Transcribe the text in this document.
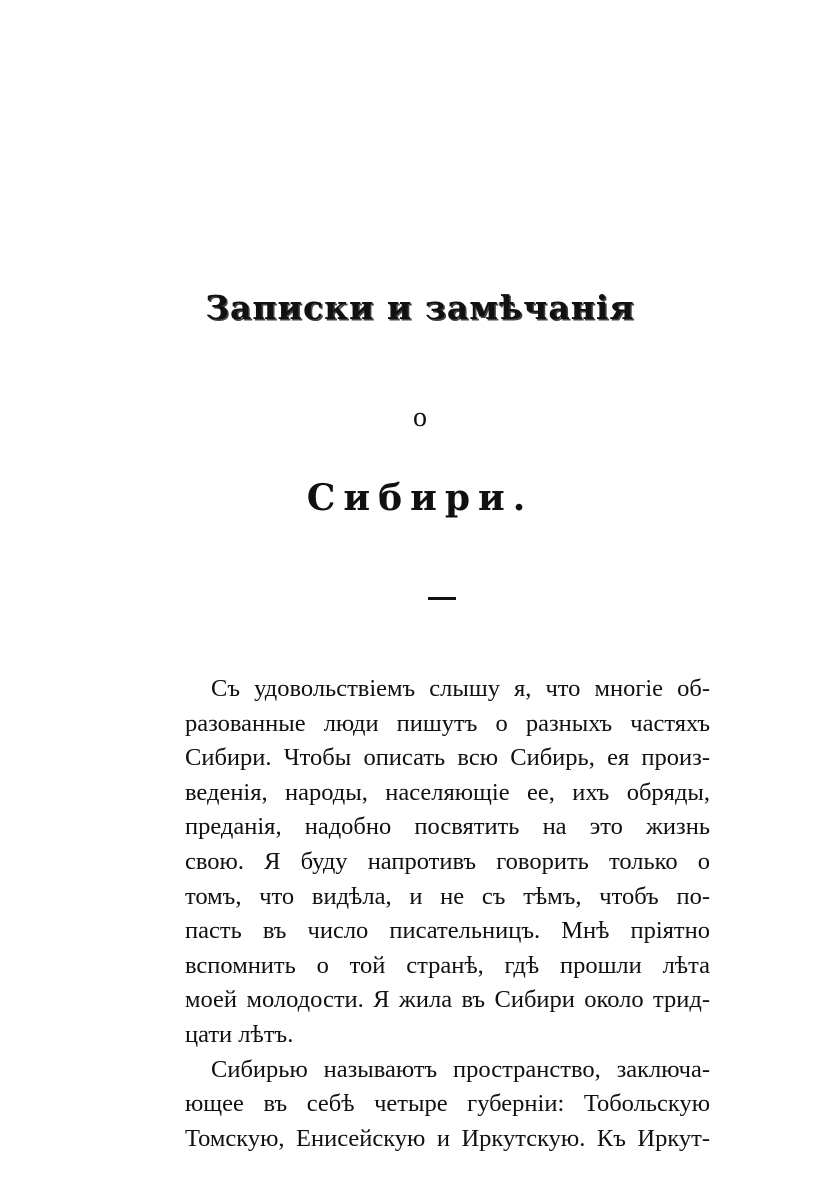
Записки и замѣчанія
о
Сибири.
Съ удовольствіемъ слышу я, что многіе об-
разованные люди пишутъ о разныхъ частяхъ
Сибири. Чтобы описать всю Сибирь, ея произ-
веденія, народы, населяющіе ее, ихъ обряды,
преданія, надобно посвятить на это жизнь
свою. Я буду напротивъ говорить только о
томъ, что видѣла, и не съ тѣмъ, чтобъ по-
пасть въ число писательницъ. Мнѣ пріятно
вспомнить о той странѣ, гдѣ прошли лѣта
моей молодости. Я жила въ Сибири около трид-
цати лѣтъ.
Сибирью называютъ пространство, заключа-
ющее въ себѣ четыре губерніи: Тобольскую
Томскую, Енисейскую и Иркутскую. Къ Иркут-
